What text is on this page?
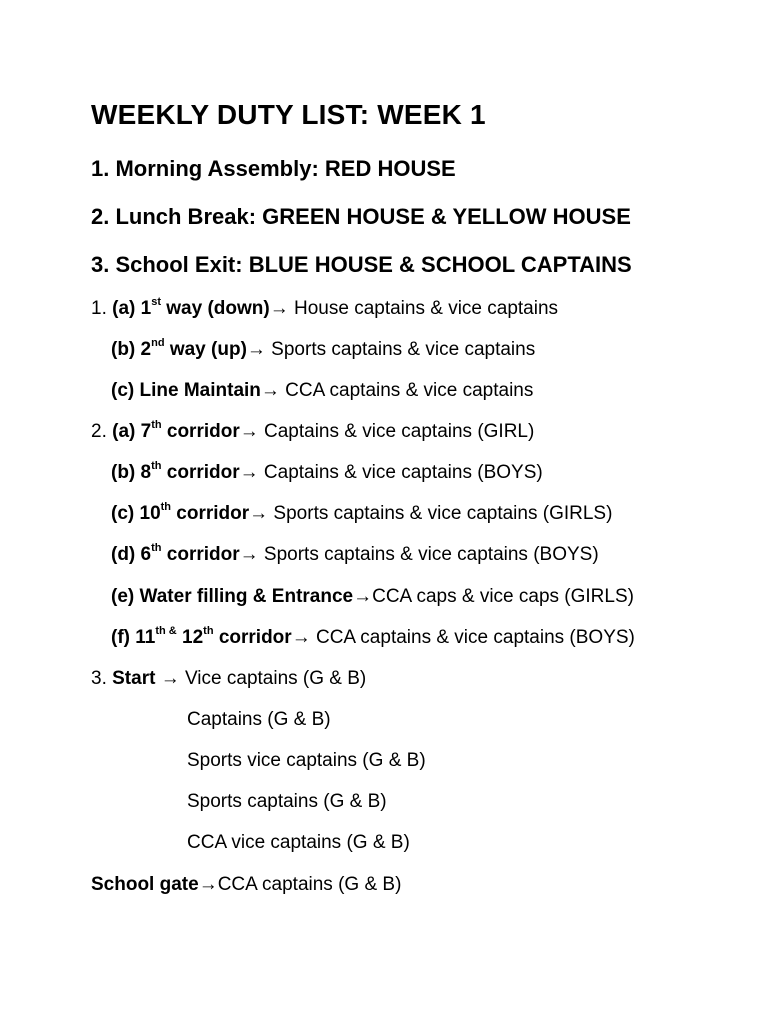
WEEKLY DUTY LIST: WEEK 1
1. Morning Assembly: RED HOUSE
2. Lunch Break: GREEN HOUSE & YELLOW HOUSE
3. School Exit: BLUE HOUSE & SCHOOL CAPTAINS
1. (a) 1st way (down)→ House captains & vice captains
(b) 2nd way (up)→ Sports captains & vice captains
(c) Line Maintain→ CCA captains & vice captains
2. (a) 7th corridor→ Captains & vice captains (GIRL)
(b) 8th corridor→ Captains & vice captains (BOYS)
(c) 10th corridor→ Sports captains & vice captains (GIRLS)
(d) 6th corridor→ Sports captains & vice captains (BOYS)
(e) Water filling & Entrance→CCA caps & vice caps (GIRLS)
(f) $11^{th \&}$ 12th corridor→ CCA captains & vice captains (BOYS)
3. Start → Vice captains (G & B)
Captains (G & B)
Sports vice captains (G & B)
Sports captains (G & B)
CCA vice captains (G & B)
School gate→CCA captains (G & B)
